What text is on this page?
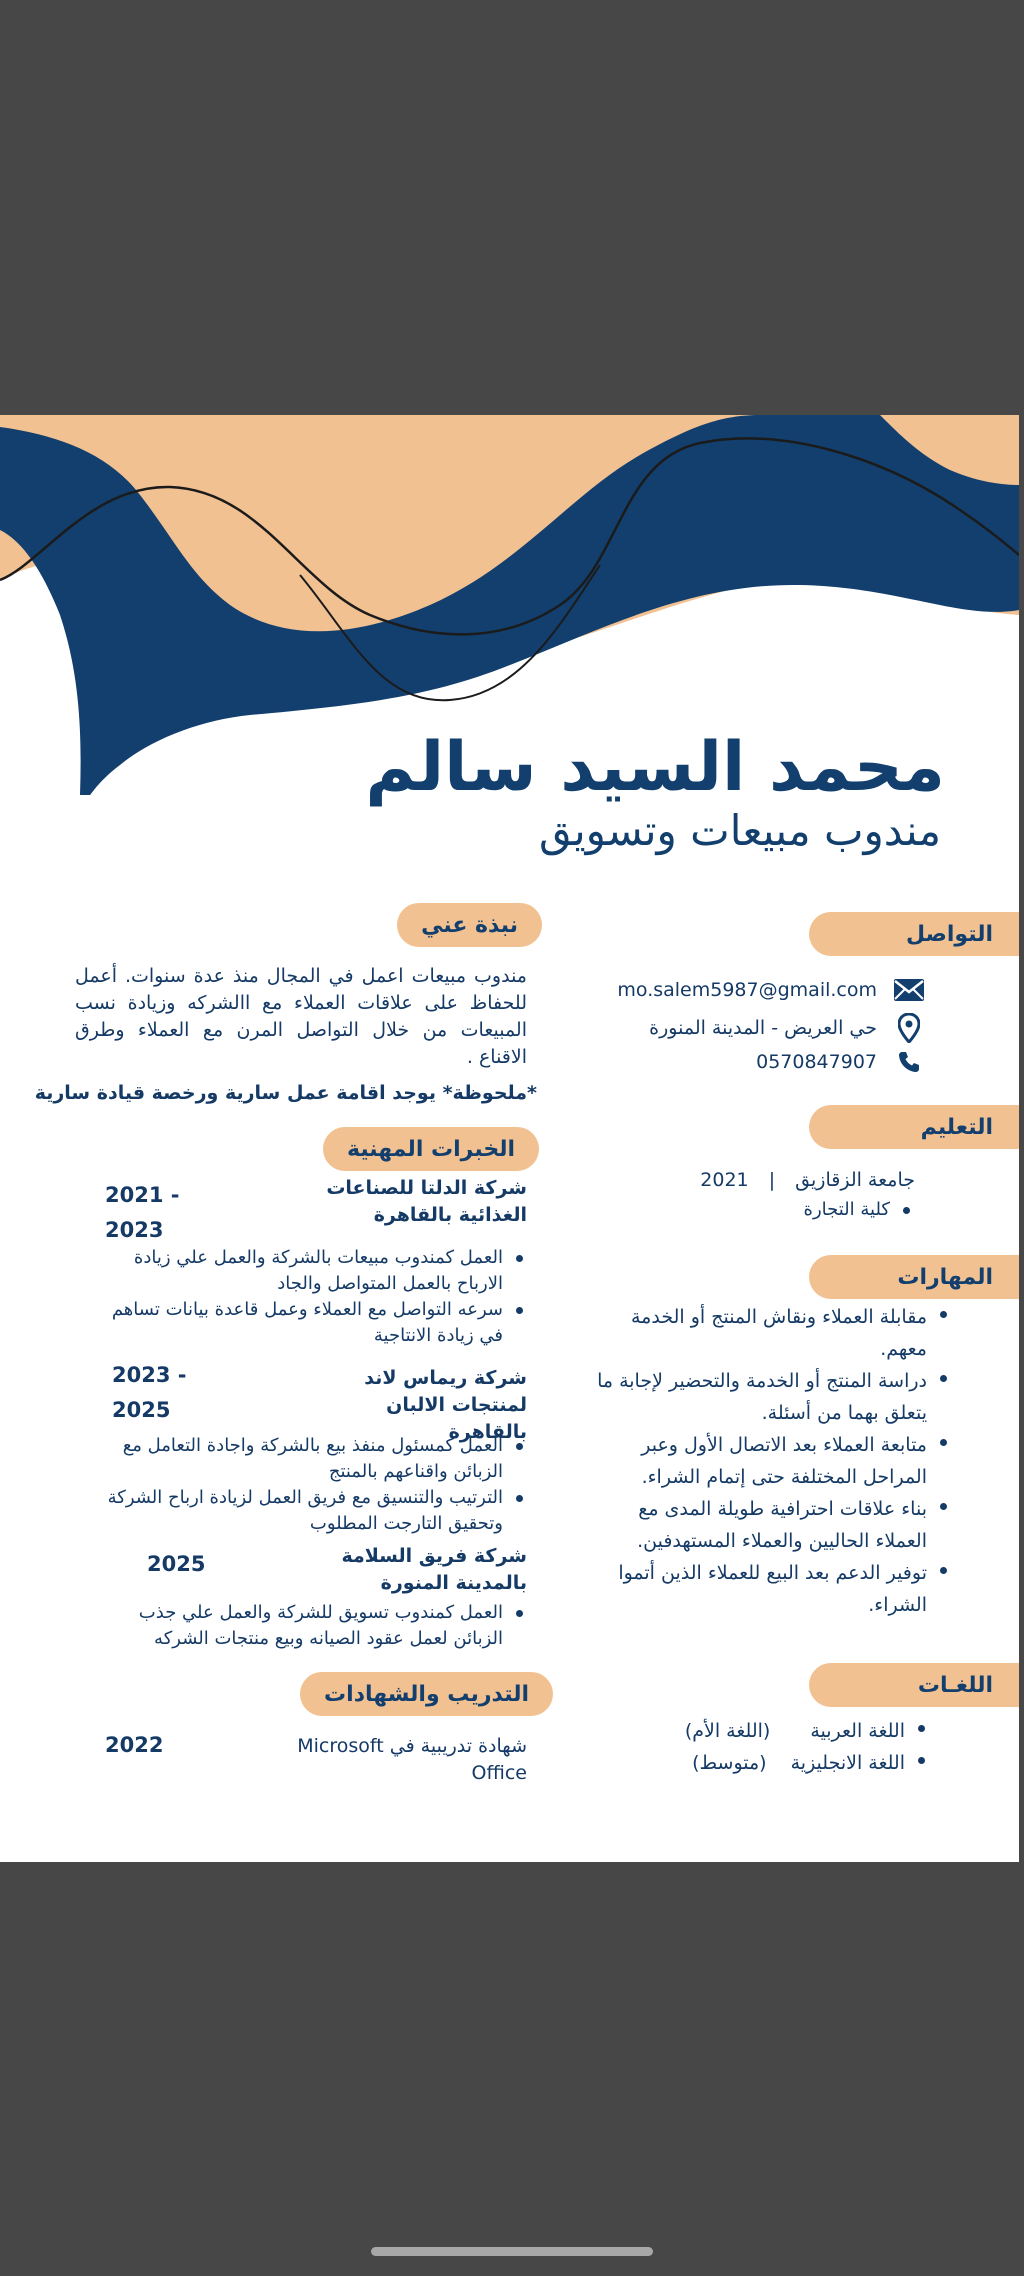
محمد السيد سالم
مندوب مبيعات وتسويق
نبذة عني
مندوب مبيعات اعمل في المجال منذ عدة سنوات. أعمل للحفاظ على علاقات العملاء مع االشركه وزيادة نسب المبيعات من خلال التواصل المرن مع العملاء وطرق الاقناع .
*ملحوظة* يوجد اقامة عمل سارية ورخصة قيادة سارية
الخبرات المهنية
شركة الدلتا للصناعات الغذائية بالقاهرة
2021 -
2023
العمل كمندوب مبيعات بالشركة والعمل علي زيادة الارباح بالعمل المتواصل والجاد
سرعه التواصل مع العملاء وعمل قاعدة بيانات تساهم في زيادة الانتاجية
شركة ريماس لاند لمنتجات الالبان بالقاهرة
2023 -
2025
العمل كمسئول منفذ بيع بالشركة واجادة التعامل مع الزبائن واقناعهم بالمنتج
الترتيب والتنسيق مع فريق العمل لزيادة ارباح الشركة وتحقيق التارجت المطلوب
شركة فريق السلامة بالمدينة المنورة
2025
العمل كمندوب تسويق للشركة والعمل علي جذب الزبائن لعمل عقود الصيانه وبيع منتجات الشركه
التدريب والشهادات
شهادة تدريبية في Microsoft Office
2022
التواصل
mo.salem5987@gmail.com
حي العريض - المدينة المنورة
0570847907
التعليم
جامعة الزقازيق | 2021
كلية التجارة
المهارات
مقابلة العملاء ونقاش المنتج أو الخدمة معهم.
دراسة المنتج أو الخدمة والتحضير لإجابة ما يتعلق بهما من أسئلة.
متابعة العملاء بعد الاتصال الأول وعبر المراحل المختلفة حتى إتمام الشراء.
بناء علاقات احترافية طويلة المدى مع العملاء الحاليين والعملاء المستهدفين.
توفير الدعم بعد البيع للعملاء الذين أتموا الشراء.
اللغـات
اللغة العربية(اللغة الأم)
اللغة الانجليزية(متوسط)
